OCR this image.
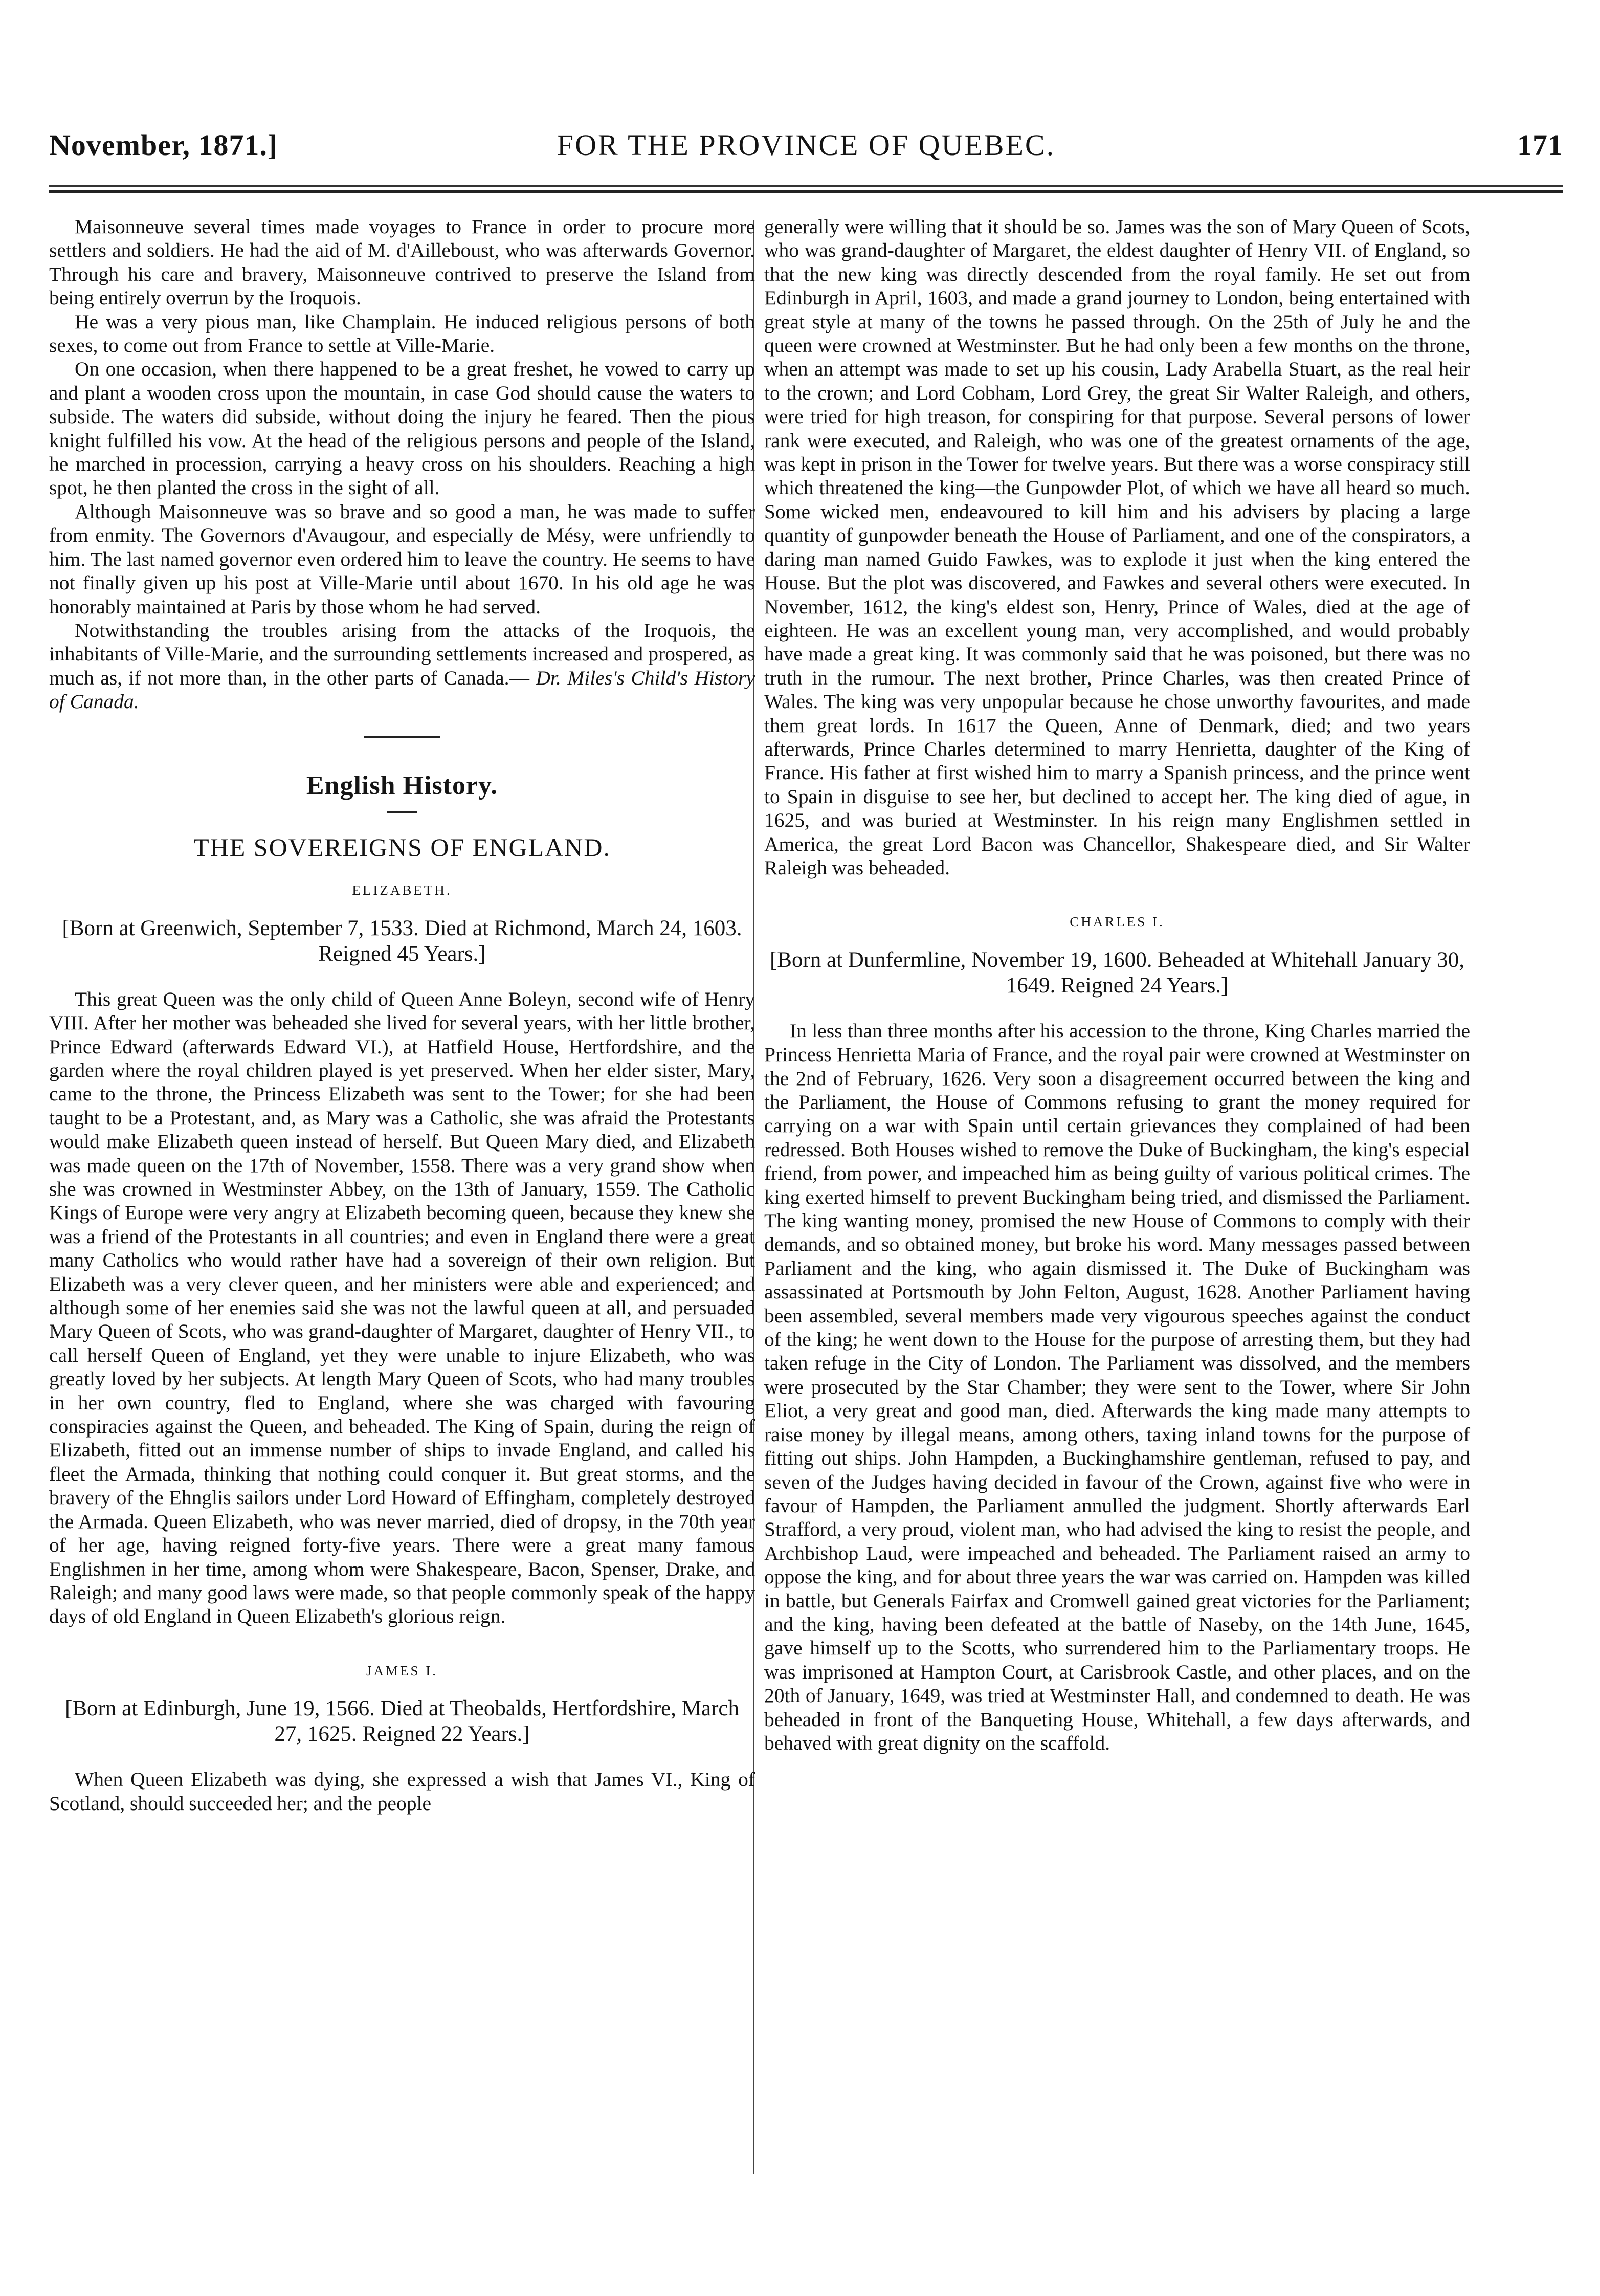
November, 1871.]	FOR THE PROVINCE OF QUEBEC.	171

Maisonneuve several times made voyages to France in order to procure more settlers and soldiers. He had the aid of M. d'Ailleboust, who was afterwards Governor. Through his care and bravery, Maisonneuve contrived to preserve the Island from being entirely overrun by the Iroquois.

He was a very pious man, like Champlain. He induced religious persons of both sexes, to come out from France to settle at Ville-Marie.

On one occasion, when there happened to be a great freshet, he vowed to carry up and plant a wooden cross upon the mountain, in case God should cause the waters to subside. The waters did subside, without doing the injury he feared. Then the pious knight fulfilled his vow. At the head of the religious persons and people of the Island, he marched in procession, carrying a heavy cross on his shoulders. Reaching a high spot, he then planted the cross in the sight of all.

Although Maisonneuve was so brave and so good a man, he was made to suffer from enmity. The Governors d'Avaugour, and especially de Mésy, were unfriendly to him. The last named governor even ordered him to leave the country. He seems to have not finally given up his post at Ville-Marie until about 1670. In his old age he was honorably maintained at Paris by those whom he had served.

Notwithstanding the troubles arising from the attacks of the Iroquois, the inhabitants of Ville-Marie, and the surrounding settlements increased and prospered, as much as, if not more than, in the other parts of Canada.— Dr. Miles's Child's History of Canada.

English History.
THE SOVEREIGNS OF ENGLAND.
ELIZABETH.
[Born at Greenwich, September 7, 1533. Died at Richmond, March 24, 1603. Reigned 45 Years.]

This great Queen was the only child of Queen Anne Boleyn, second wife of Henry VIII. After her mother was beheaded she lived for several years, with her little brother, Prince Edward (afterwards Edward VI.), at Hatfield House, Hertfordshire, and the garden where the royal children played is yet preserved. When her elder sister, Mary, came to the throne, the Princess Elizabeth was sent to the Tower; for she had been taught to be a Protestant, and, as Mary was a Catholic, she was afraid the Protestants would make Elizabeth queen instead of herself. But Queen Mary died, and Elizabeth was made queen on the 17th of November, 1558. There was a very grand show when she was crowned in Westminster Abbey, on the 13th of January, 1559. The Catholic Kings of Europe were very angry at Elizabeth becoming queen, because they knew she was a friend of the Protestants in all countries; and even in England there were a great many Catholics who would rather have had a sovereign of their own religion. But Elizabeth was a very clever queen, and her ministers were able and experienced; and although some of her enemies said she was not the lawful queen at all, and persuaded Mary Queen of Scots, who was grand-daughter of Margaret, daughter of Henry VII., to call herself Queen of England, yet they were unable to injure Elizabeth, who was greatly loved by her subjects. At length Mary Queen of Scots, who had many troubles in her own country, fled to England, where she was charged with favouring conspiracies against the Queen, and beheaded. The King of Spain, during the reign of Elizabeth, fitted out an immense number of ships to invade England, and called his fleet the Armada, thinking that nothing could conquer it. But great storms, and the bravery of the Ehnglis sailors under Lord Howard of Effingham, completely destroyed the Armada. Queen Elizabeth, who was never married, died of dropsy, in the 70th year of her age, having reigned forty-five years. There were a great many famous Englishmen in her time, among whom were Shakespeare, Bacon, Spenser, Drake, and Raleigh; and many good laws were made, so that people commonly speak of the happy days of old England in Queen Elizabeth's glorious reign.

JAMES I.
[Born at Edinburgh, June 19, 1566. Died at Theobalds, Hertfordshire, March 27, 1625. Reigned 22 Years.]

When Queen Elizabeth was dying, she expressed a wish that James VI., King of Scotland, should succeeded her; and the people

generally were willing that it should be so. James was the son of Mary Queen of Scots, who was grand-daughter of Margaret, the eldest daughter of Henry VII. of England, so that the new king was directly descended from the royal family. He set out from Edinburgh in April, 1603, and made a grand journey to London, being entertained with great style at many of the towns he passed through. On the 25th of July he and the queen were crowned at Westminster. But he had only been a few months on the throne, when an attempt was made to set up his cousin, Lady Arabella Stuart, as the real heir to the crown; and Lord Cobham, Lord Grey, the great Sir Walter Raleigh, and others, were tried for high treason, for conspiring for that purpose. Several persons of lower rank were executed, and Raleigh, who was one of the greatest ornaments of the age, was kept in prison in the Tower for twelve years. But there was a worse conspiracy still which threatened the king—the Gunpowder Plot, of which we have all heard so much. Some wicked men, endeavoured to kill him and his advisers by placing a large quantity of gunpowder beneath the House of Parliament, and one of the conspirators, a daring man named Guido Fawkes, was to explode it just when the king entered the House. But the plot was discovered, and Fawkes and several others were executed. In November, 1612, the king's eldest son, Henry, Prince of Wales, died at the age of eighteen. He was an excellent young man, very accomplished, and would probably have made a great king. It was commonly said that he was poisoned, but there was no truth in the rumour. The next brother, Prince Charles, was then created Prince of Wales. The king was very unpopular because he chose unworthy favourites, and made them great lords. In 1617 the Queen, Anne of Denmark, died; and two years afterwards, Prince Charles determined to marry Henrietta, daughter of the King of France. His father at first wished him to marry a Spanish princess, and the prince went to Spain in disguise to see her, but declined to accept her. The king died of ague, in 1625, and was buried at Westminster. In his reign many Englishmen settled in America, the great Lord Bacon was Chancellor, Shakespeare died, and Sir Walter Raleigh was beheaded.

CHARLES I.
[Born at Dunfermline, November 19, 1600. Beheaded at Whitehall January 30, 1649. Reigned 24 Years.]

In less than three months after his accession to the throne, King Charles married the Princess Henrietta Maria of France, and the royal pair were crowned at Westminster on the 2nd of February, 1626. Very soon a disagreement occurred between the king and the Parliament, the House of Commons refusing to grant the money required for carrying on a war with Spain until certain grievances they complained of had been redressed. Both Houses wished to remove the Duke of Buckingham, the king's especial friend, from power, and impeached him as being guilty of various political crimes. The king exerted himself to prevent Buckingham being tried, and dismissed the Parliament. The king wanting money, promised the new House of Commons to comply with their demands, and so obtained money, but broke his word. Many messages passed between Parliament and the king, who again dismissed it. The Duke of Buckingham was assassinated at Portsmouth by John Felton, August, 1628. Another Parliament having been assembled, several members made very vigourous speeches against the conduct of the king; he went down to the House for the purpose of arresting them, but they had taken refuge in the City of London. The Parliament was dissolved, and the members were prosecuted by the Star Chamber; they were sent to the Tower, where Sir John Eliot, a very great and good man, died. Afterwards the king made many attempts to raise money by illegal means, among others, taxing inland towns for the purpose of fitting out ships. John Hampden, a Buckinghamshire gentleman, refused to pay, and seven of the Judges having decided in favour of the Crown, against five who were in favour of Hampden, the Parliament annulled the judgment. Shortly afterwards Earl Strafford, a very proud, violent man, who had advised the king to resist the people, and Archbishop Laud, were impeached and beheaded. The Parliament raised an army to oppose the king, and for about three years the war was carried on. Hampden was killed in battle, but Generals Fairfax and Cromwell gained great victories for the Parliament; and the king, having been defeated at the battle of Naseby, on the 14th June, 1645, gave himself up to the Scotts, who surrendered him to the Parliamentary troops. He was imprisoned at Hampton Court, at Carisbrook Castle, and other places, and on the 20th of January, 1649, was tried at Westminster Hall, and condemned to death. He was beheaded in front of the Banqueting House, Whitehall, a few days afterwards, and behaved with great dignity on the scaffold.
